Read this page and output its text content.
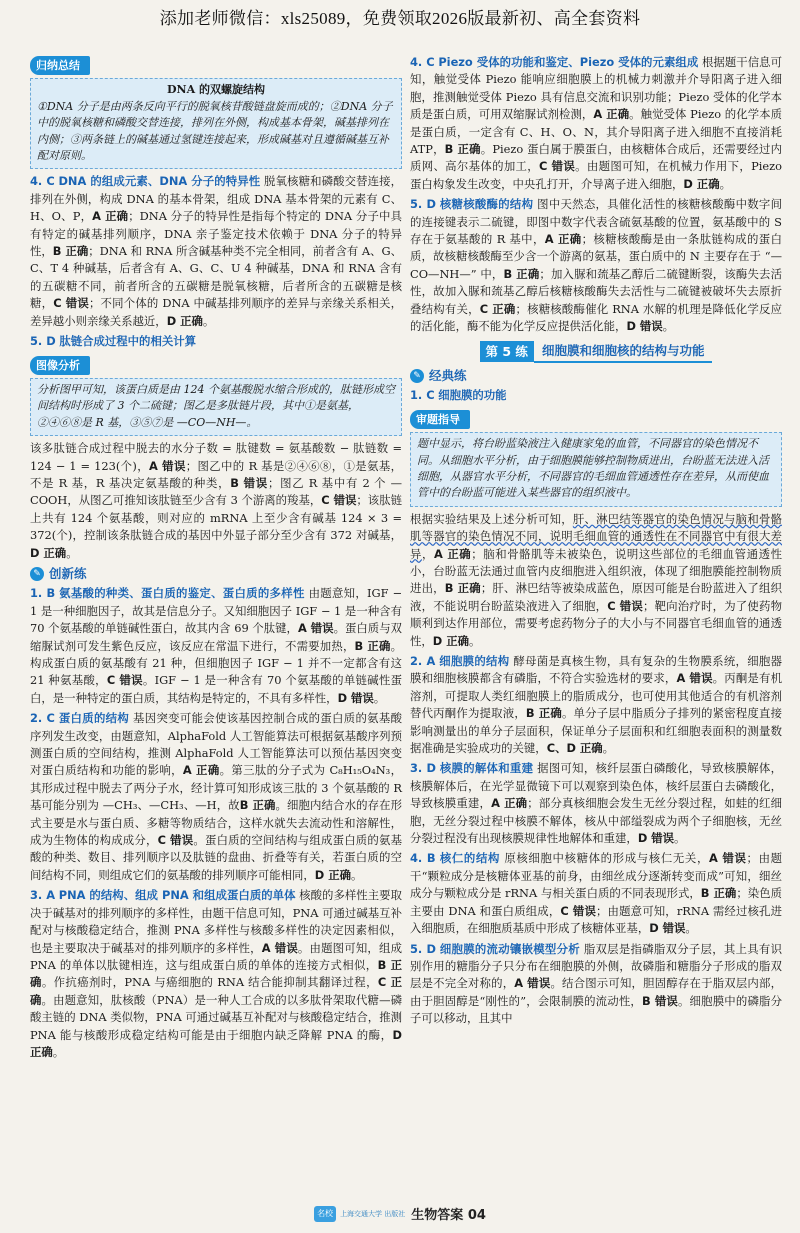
添加老师微信：xls25089，免费领取2026版最新初、高全套资料
归纳总结
DNA 的双螺旋结构
①DNA 分子是由两条反向平行的脱氧核苷酸链盘旋而成的；②DNA 分子中的脱氧核糖和磷酸交替连接，排列在外侧，构成基本骨架，碱基排列在内侧；③两条链上的碱基通过氢键连接起来，形成碱基对且遵循碱基互补配对原则。

4. C DNA 的组成元素、DNA 分子的特异性 脱氧核糖和磷酸交替连接，排列在外侧，构成 DNA 的基本骨架，组成 DNA 基本骨架的元素有 C、H、O、P，A 正确；DNA 分子的特异性是指每个特定的 DNA 分子中具有特定的碱基排列顺序，DNA 亲子鉴定技术依赖于 DNA 分子的特异性，B 正确；DNA 和 RNA 所含碱基种类不完全相同，前者含有 A、G、C、T 4 种碱基，后者含有 A、G、C、U 4 种碱基，DNA 和 RNA 含有的五碳糖不同，前者所含的五碳糖是脱氧核糖，后者所含的五碳糖是核糖，C 错误；不同个体的 DNA 中碱基排列顺序的差异与亲缘关系相关，差异越小则亲缘关系越近，D 正确。

5. D 肽链合成过程中的相关计算

图像分析
分析图甲可知，该蛋白质是由 124 个氨基酸脱水缩合形成的，肽链形成空间结构时形成了 3 个二硫键；图乙是多肽链片段，其中①是氨基，②④⑥⑧是 R 基，③⑤⑦是 —CO—NH—。

该多肽链合成过程中脱去的水分子数 = 肽键数 = 氨基酸数 − 肽链数 = 124 − 1 = 123(个)，A 错误；图乙中的 R 基是②④⑥⑧，①是氨基，不是 R 基，R 基决定氨基酸的种类，B 错误；图乙 R 基中有 2 个 —COOH，从图乙可推知该肽链至少含有 3 个游离的羧基，C 错误；该肽链上共有 124 个氨基酸，则对应的 mRNA 上至少含有碱基 124 × 3 = 372(个)，控制该条肽链合成的基因中外显子部分至少含有 372 对碱基，D 正确。

✎ 创新练

1. B 氨基酸的种类、蛋白质的鉴定、蛋白质的多样性 由题意知，IGF − 1 是一种细胞因子，故其是信息分子。又知细胞因子 IGF − 1 是一种含有 70 个氨基酸的单链碱性蛋白，故其内含 69 个肽键，A 错误。蛋白质与双缩脲试剂可发生紫色反应，该反应在常温下进行，不需要加热，B 正确。构成蛋白质的氨基酸有 21 种，但细胞因子 IGF − 1 并不一定都含有这 21 种氨基酸，C 错误。IGF − 1 是一种含有 70 个氨基酸的单链碱性蛋白，是一种特定的蛋白质，其结构是特定的，不具有多样性，D 错误。

2. C 蛋白质的结构 基因突变可能会使该基因控制合成的蛋白质的氨基酸序列发生改变，由题意知，AlphaFold 人工智能算法可根据氨基酸序列预测蛋白质的空间结构，推测 AlphaFold 人工智能算法可以预估基因突变对蛋白质结构和功能的影响，A 正确。第三肽的分子式为 C₈H₁₅O₄N₃，其形成过程中脱去了两分子水，经计算可知形成该三肽的 3 个氨基酸的 R 基可能分别为 —CH₃、—CH₃、—H，故B 正确。细胞内结合水的存在形式主要是水与蛋白质、多糖等物质结合，这样水就失去流动性和溶解性，成为生物体的构成成分，C 错误。蛋白质的空间结构与组成蛋白质的氨基酸的种类、数目、排列顺序以及肽链的盘曲、折叠等有关，若蛋白质的空间结构不同，则组成它们的氨基酸的排列顺序可能相同，D 正确。

3. A PNA 的结构、组成 PNA 和组成蛋白质的单体 核酸的多样性主要取决于碱基对的排列顺序的多样性，由题干信息可知，PNA 可通过碱基互补配对与核酸稳定结合，推测 PNA 多样性与核酸多样性的决定因素相似，也是主要取决于碱基对的排列顺序的多样性，A 错误。由题图可知，组成 PNA 的单体以肽键相连，这与组成蛋白质的单体的连接方式相似，B 正确。作抗癌剂时，PNA 与癌细胞的 RNA 结合能抑制其翻译过程，C 正确。由题意知，肽核酸（PNA）是一种人工合成的以多肽骨架取代糖—磷酸主链的 DNA 类似物，PNA 可通过碱基互补配对与核酸稳定结合，推测 PNA 能与核酸形成稳定结构可能是由于细胞内缺乏降解 PNA 的酶，D 正确。

4. C Piezo 受体的功能和鉴定、Piezo 受体的元素组成 根据题干信息可知，触觉受体 Piezo 能响应细胞膜上的机械力刺激并介导阳离子进入细胞，推测触觉受体 Piezo 具有信息交流和识别功能；Piezo 受体的化学本质是蛋白质，可用双缩脲试剂检测，A 正确。触觉受体 Piezo 的化学本质是蛋白质，一定含有 C、H、O、N，其介导阳离子进入细胞不直接消耗 ATP，B 正确。Piezo 蛋白属于膜蛋白，由核糖体合成后，还需要经过内质网、高尔基体的加工，C 错误。由题图可知，在机械力作用下，Piezo 蛋白构象发生改变，中央孔打开，介导离子进入细胞，D 正确。

5. D 核糖核酸酶的结构 图中天然态，具催化活性的核糖核酸酶中数字间的连接键表示二硫键，即图中数字代表含硫氨基酸的位置，氨基酸中的 S 存在于氨基酸的 R 基中，A 正确；核糖核酸酶是由一条肽链构成的蛋白质，故核糖核酸酶至少含一个游离的氨基，蛋白质中的 N 主要存在于 “—CO—NH—” 中，B 正确；加入脲和巯基乙醇后二硫键断裂，该酶失去活性，故加入脲和巯基乙醇后核糖核酸酶失去活性与二硫键被破坏失去原折叠结构有关，C 正确；核糖核酸酶催化 RNA 水解的机理是降低化学反应的活化能，酶不能为化学反应提供活化能，D 错误。

第 5 练	细胞膜和细胞核的结构与功能
✎ 经典练

1. C 细胞膜的功能

审题指导
题中显示，将台盼蓝染液注入健康家兔的血管，不同器官的染色情况不同。从细胞水平分析，由于细胞膜能够控制物质进出，台盼蓝无法进入活细胞，从器官水平分析，不同器官的毛细血管通透性存在差异，从而使血管中的台盼蓝可能进入某些器官的组织液中。

根据实验结果及上述分析可知，肝、淋巴结等器官的染色情况与脑和骨骼肌等器官的染色情况不同，说明毛细血管的通透性在不同器官中有很大差异，A 正确；脑和骨骼肌等未被染色，说明这些部位的毛细血管通透性小，台盼蓝无法通过血管内皮细胞进入组织液，体现了细胞膜能控制物质进出，B 正确；肝、淋巴结等被染成蓝色，原因可能是台盼蓝进入了组织液，不能说明台盼蓝染液进入了细胞，C 错误；靶向治疗时，为了使药物顺利到达作用部位，需要考虑药物分子的大小与不同器官毛细血管的通透性，D 正确。

2. A 细胞膜的结构 酵母菌是真核生物，具有复杂的生物膜系统，细胞器膜和细胞核膜都含有磷脂，不符合实验选材的要求，A 错误。丙酮是有机溶剂，可提取人类红细胞膜上的脂质成分，也可使用其他适合的有机溶剂替代丙酮作为提取液，B 正确。单分子层中脂质分子排列的紧密程度直接影响测量出的单分子层面积，保证单分子层面积和红细胞表面积的测量数据准确是实验成功的关键，C、D 正确。

3. D 核膜的解体和重建 据图可知，核纤层蛋白磷酸化，导致核膜解体，核膜解体后，在光学显微镜下可以观察到染色体，核纤层蛋白去磷酸化，导致核膜重建，A 正确；部分真核细胞会发生无丝分裂过程，如蛙的红细胞，无丝分裂过程中核膜不解体，核从中部缢裂成为两个子细胞核，无丝分裂过程没有出现核膜规律性地解体和重建，D 错误。

4. B 核仁的结构 原核细胞中核糖体的形成与核仁无关，A 错误；由题干“颗粒成分是核糖体亚基的前身，由细丝成分逐渐转变而成”可知，细丝成分与颗粒成分是 rRNA 与相关蛋白质的不同表现形式，B 正确；染色质主要由 DNA 和蛋白质组成，C 错误；由题意可知，rRNA 需经过核孔进入细胞质，在细胞质基质中形成了核糖体亚基，D 错误。

5. D 细胞膜的流动镶嵌模型分析 脂双层是指磷脂双分子层，其上具有识别作用的糖脂分子只分布在细胞膜的外侧，故磷脂和糖脂分子形成的脂双层是不完全对称的，A 错误。结合图示可知，胆固醇存在于脂双层内部，由于胆固醇是“刚性的”，会限制膜的流动性，B 错误。细胞膜中的磷脂分子可以移动，且其中

名校	上海交通大学 出版社 生物答案 04
